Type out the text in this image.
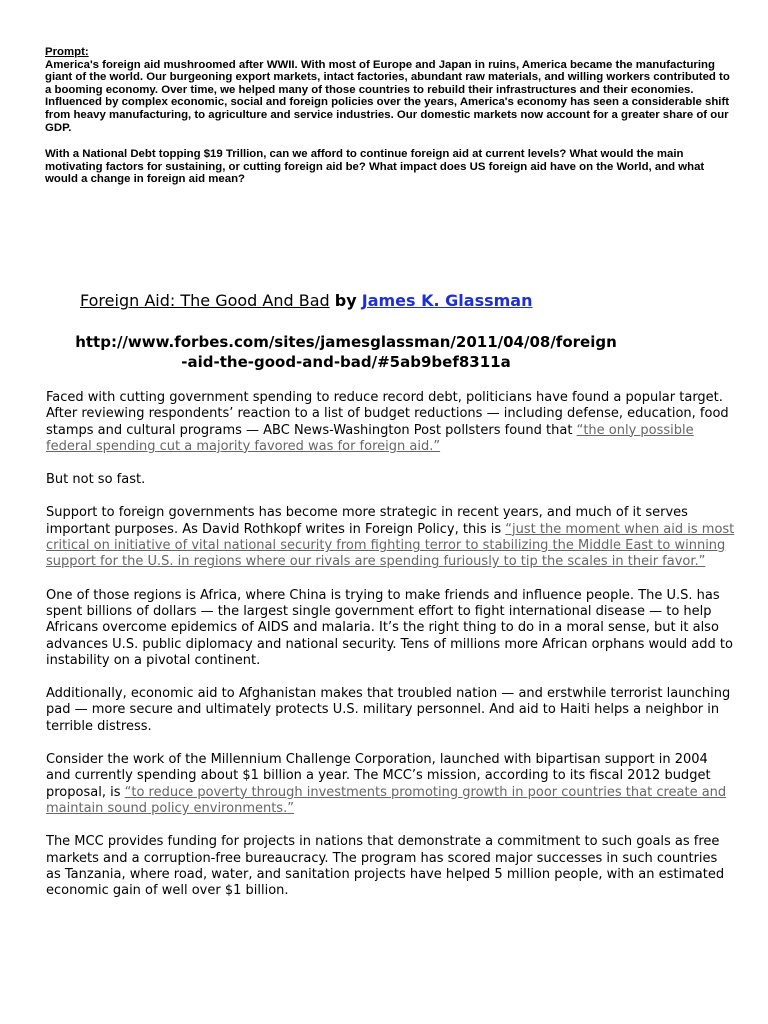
Prompt:

America's foreign aid mushroomed after WWII. With most of Europe and Japan in ruins, America became the manufacturing giant of the world. Our burgeoning export markets, intact factories, abundant raw materials, and willing workers contributed to a booming economy. Over time, we helped many of those countries to rebuild their infrastructures and their economies. Influenced by complex economic, social and foreign policies over the years, America's economy has seen a considerable shift from heavy manufacturing, to agriculture and service industries. Our domestic markets now account for a greater share of our GDP.

With a National Debt topping $19 Trillion, can we afford to continue foreign aid at current levels? What would the main motivating factors for sustaining, or cutting foreign aid be? What impact does US foreign aid have on the World, and what would a change in foreign aid mean?

Foreign Aid: The Good And Bad by James K. Glassman
http://www.forbes.com/sites/jamesglassman/2011/04/08/foreign
-aid-the-good-and-bad/#5ab9bef8311a

Faced with cutting government spending to reduce record debt, politicians have found a popular target. After reviewing respondents’ reaction to a list of budget reductions — including defense, education, food stamps and cultural programs — ABC News-Washington Post pollsters found that “the only possible federal spending cut a majority favored was for foreign aid.”

But not so fast.

Support to foreign governments has become more strategic in recent years, and much of it serves important purposes. As David Rothkopf writes in Foreign Policy, this is “just the moment when aid is most critical on initiative of vital national security from fighting terror to stabilizing the Middle East to winning support for the U.S. in regions where our rivals are spending furiously to tip the scales in their favor.”

One of those regions is Africa, where China is trying to make friends and influence people. The U.S. has spent billions of dollars — the largest single government effort to fight international disease — to help Africans overcome epidemics of AIDS and malaria. It’s the right thing to do in a moral sense, but it also advances U.S. public diplomacy and national security. Tens of millions more African orphans would add to instability on a pivotal continent.

Additionally, economic aid to Afghanistan makes that troubled nation — and erstwhile terrorist launching pad — more secure and ultimately protects U.S. military personnel. And aid to Haiti helps a neighbor in terrible distress.

Consider the work of the Millennium Challenge Corporation, launched with bipartisan support in 2004 and currently spending about $1 billion a year. The MCC’s mission, according to its fiscal 2012 budget proposal, is “to reduce poverty through investments promoting growth in poor countries that create and maintain sound policy environments.”

The MCC provides funding for projects in nations that demonstrate a commitment to such goals as free markets and a corruption-free bureaucracy. The program has scored major successes in such countries as Tanzania, where road, water, and sanitation projects have helped 5 million people, with an estimated economic gain of well over $1 billion.
